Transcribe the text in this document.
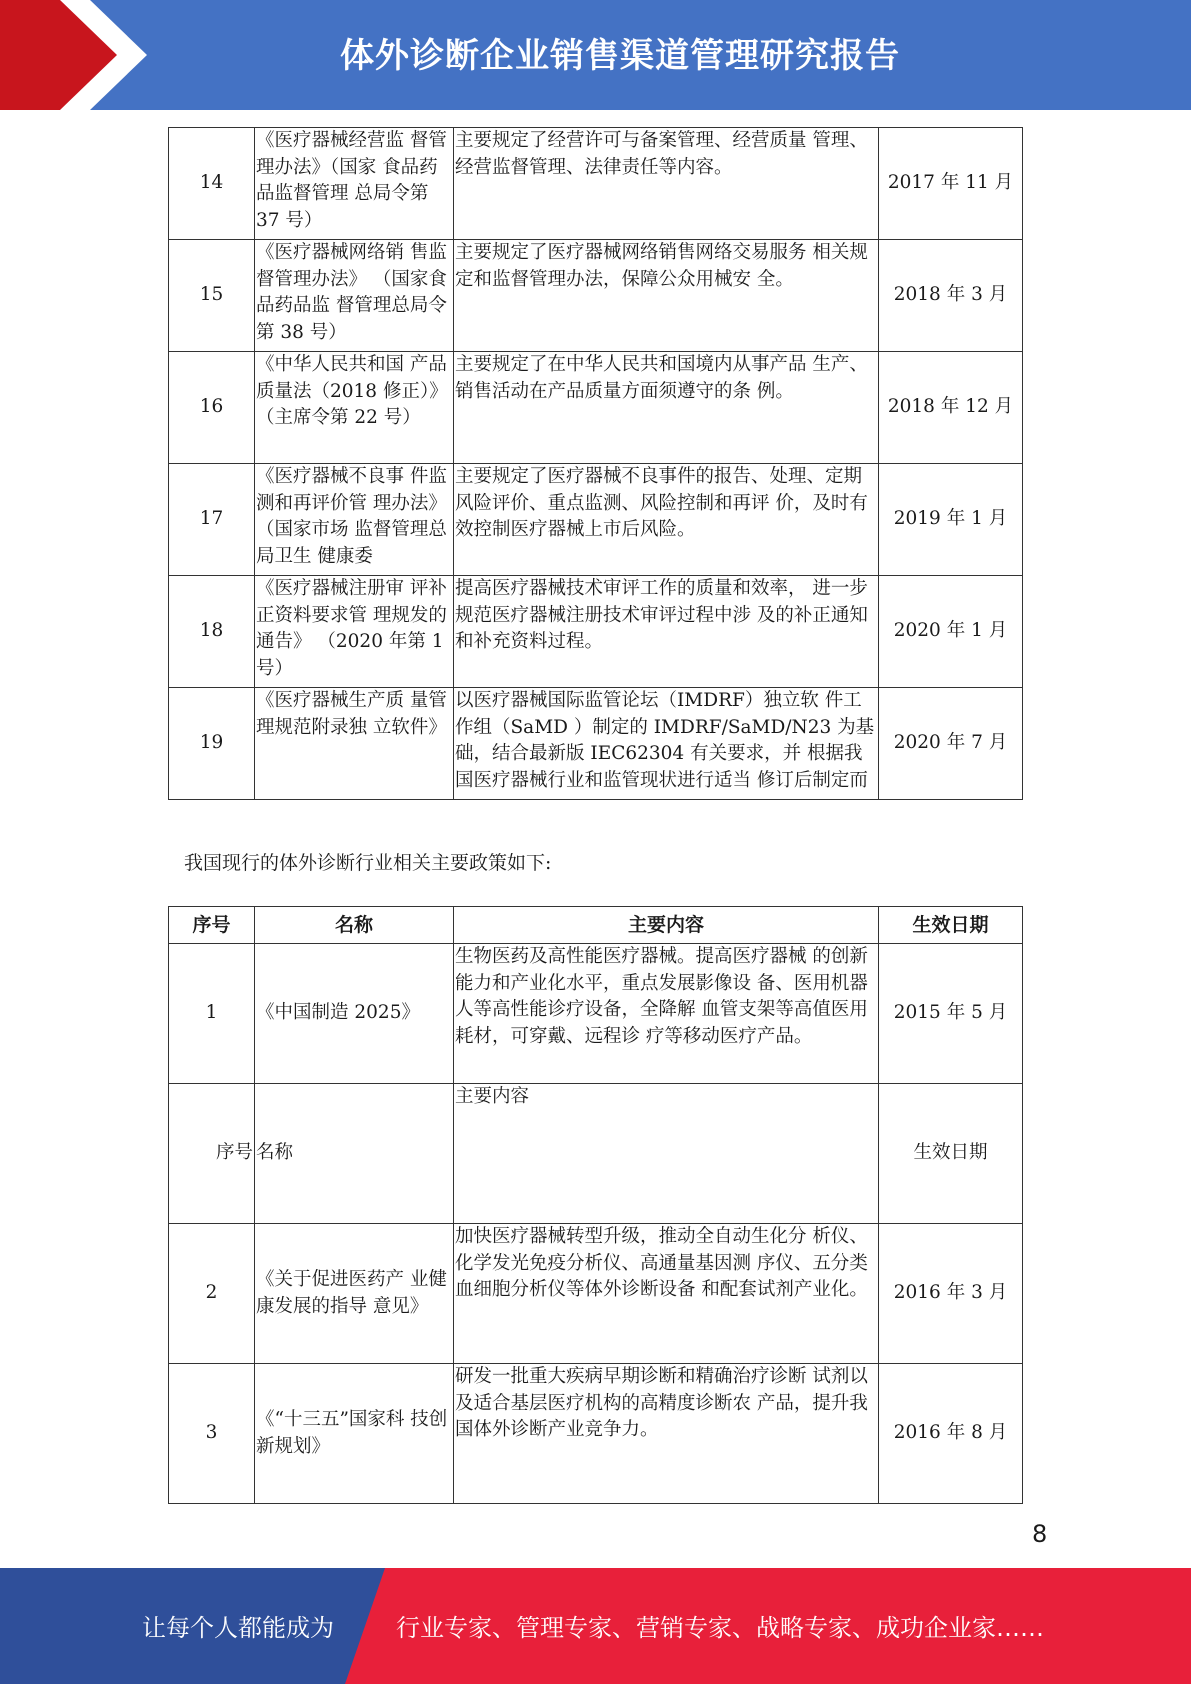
体外诊断企业销售渠道管理研究报告
14	《医疗器械经营监 督管理办法》（国家 食品药品监督管理 总局令第 37 号）	主要规定了经营许可与备案管理、经营质量 管理、经营监督管理、法律责任等内容。	2017 年 11 月
15	《医疗器械网络销 售监督管理办法》 （国家食品药品监 督管理总局令第 38 号）	主要规定了医疗器械网络销售网络交易服务 相关规定和监督管理办法，保障公众用械安 全。	2018 年 3 月
16	《中华人民共和国 产品质量法（2018 修正）》（主席令第 22 号）	主要规定了在中华人民共和国境内从事产品 生产、销售活动在产品质量方面须遵守的条 例。	2018 年 12 月
17	《医疗器械不良事 件监测和再评价管 理办法》（国家市场 监督管理总局卫生 健康委	主要规定了医疗器械不良事件的报告、处理、定期风险评价、重点监测、风险控制和再评 价，及时有效控制医疗器械上市后风险。	2019 年 1 月
18	《医疗器械注册审 评补正资料要求管 理规发的通告》 （2020 年第 1 号）	提高医疗器械技术审评工作的质量和效率， 进一步规范医疗器械注册技术审评过程中涉 及的补正通知和补充资料过程。	2020 年 1 月
19	《医疗器械生产质 量管理规范附录独 立软件》	以医疗器械国际监管论坛（IMDRF）独立软 件工作组（SaMD ）制定的 IMDRF/SaMD/N23 为基础，结合最新版 IEC62304 有关要求，并 根据我国医疗器械行业和监管现状进行适当 修订后制定而	2020 年 7 月
我国现行的体外诊断行业相关主要政策如下:
序号	名称	主要内容	生效日期
1	《中国制造 2025》	生物医药及高性能医疗器械。提高医疗器械 的创新能力和产业化水平，重点发展影像设 备、医用机器人等高性能诊疗设备，全降解 血管支架等高值医用耗材，可穿戴、远程诊 疗等移动医疗产品。	2015 年 5 月
序号	名称	主要内容	生效日期
2	《关于促进医药产 业健康发展的指导 意见》	加快医疗器械转型升级，推动全自动生化分 析仪、化学发光免疫分析仪、高通量基因测 序仪、五分类血细胞分析仪等体外诊断设备 和配套试剂产业化。	2016 年 3 月
3	《“十三五”国家科 技创新规划》	研发一批重大疾病早期诊断和精确治疗诊断 试剂以及适合基层医疗机构的高精度诊断农 产品，提升我国体外诊断产业竞争力。	2016 年 8 月
8
让每个人都能成为	行业专家、管理专家、营销专家、战略专家、成功企业家……
